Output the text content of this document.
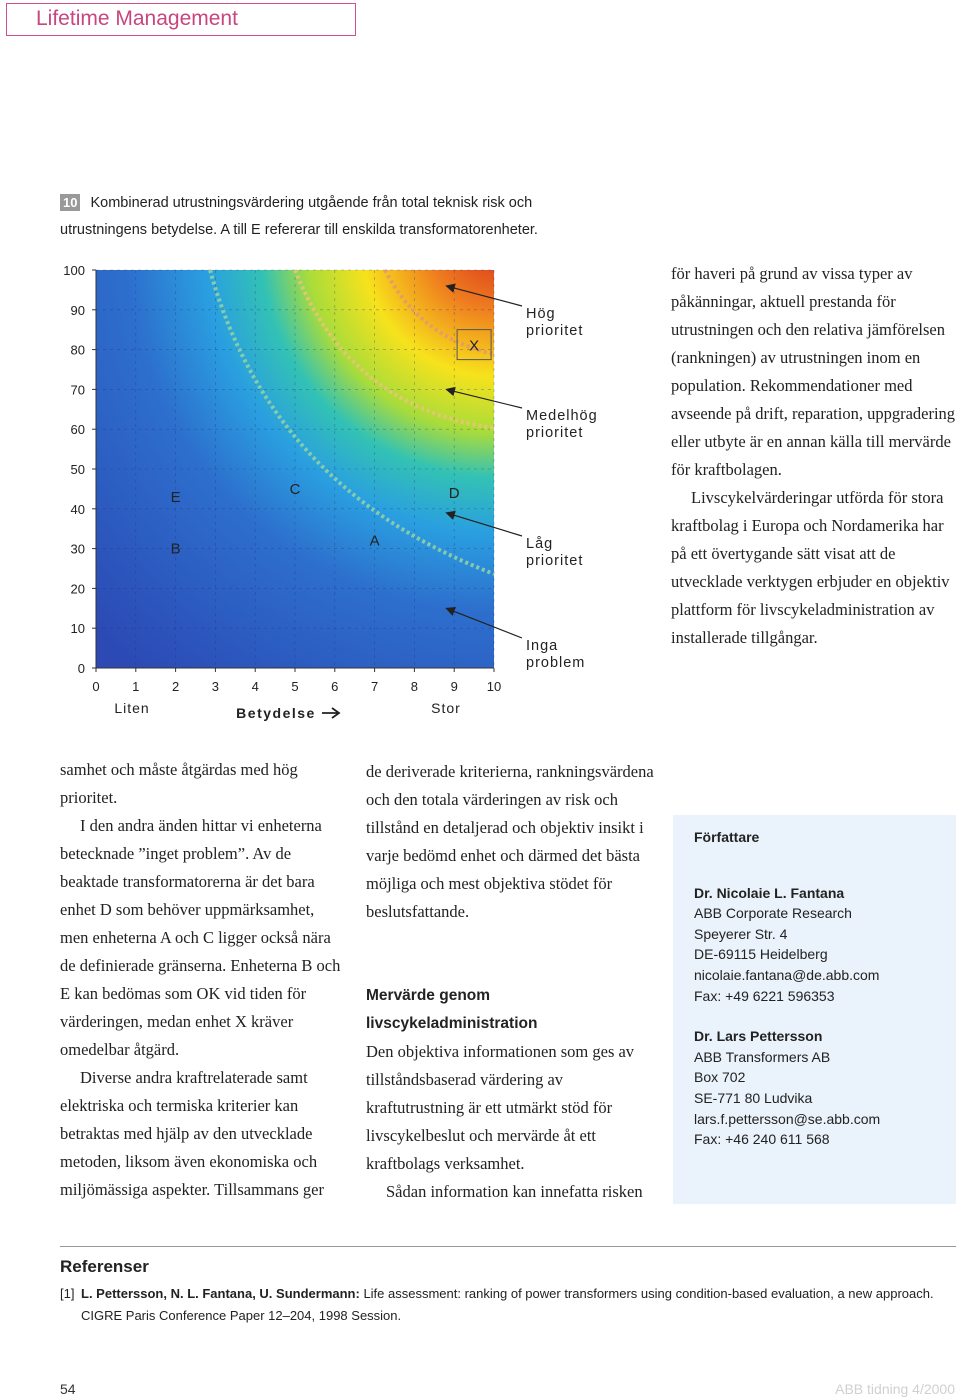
Lifetime Management
10 Kombinerad utrustningsvärdering utgående från total teknisk risk och
utrustningens betydelse. A till E refererar till enskilda transformatorenheter.
0	1	2	3	4	5	6	7	8	9 10
0
10
20
30
40
50
60
70
80
90
100
E
B
C
A
D
X
Hög
prioritet
Medelhög
prioritet
Låg
prioritet
Inga
problem
Liten	Betydelse	Stor

för haveri på grund av vissa typer av påkänningar, aktuell prestanda för utrustningen och den relativa jämförelsen (rankningen) av utrustningen inom en population. Rekommendationer med avseende på drift, reparation, uppgradering eller utbyte är en annan källa till mervärde för kraftbolagen.

Livscykelvärderingar utförda för stora kraftbolag i Europa och Nordamerika har på ett övertygande sätt visat att de utvecklade verktygen erbjuder en objektiv plattform för livscykeladministration av installerade tillgångar.

samhet och måste åtgärdas med hög prioritet.

I den andra änden hittar vi enheterna betecknade ”inget problem”. Av de beaktade transformatorerna är det bara enhet D som behöver uppmärksamhet, men enheterna A och C ligger också nära de definierade gränserna. Enheterna B och E kan bedömas som OK vid tiden för värderingen, medan enhet X kräver omedelbar åtgärd.

Diverse andra kraftrelaterade samt elektriska och termiska kriterier kan betraktas med hjälp av den utvecklade metoden, liksom även ekonomiska och miljömässiga aspekter. Tillsammans ger

de deriverade kriterierna, rankningsvärdena och den totala värderingen av risk och tillstånd en detaljerad och objektiv insikt i varje bedömd enhet och därmed det bästa möjliga och mest objektiva stödet för beslutsfattande.

Mervärde genom livscykeladministration

Den objektiva informationen som ges av tillståndsbaserad värdering av kraftutrustning är ett utmärkt stöd för livscykelbeslut och mervärde åt ett kraftbolags verksamhet.

Sådan information kan innefatta risken

Författare
Dr. Nicolaie L. Fantana
ABB Corporate Research
Speyerer Str. 4
DE-69115 Heidelberg
nicolaie.fantana@de.abb.com
Fax: +49 6221 596353
Dr. Lars Pettersson
ABB Transformers AB
Box 702
SE-771 80 Ludvika
lars.f.pettersson@se.abb.com
Fax: +46 240 611 568
Referenser
[1] L. Pettersson, N. L. Fantana, U. Sundermann: Life assessment: ranking of power transformers using condition-based evaluation, a new approach.
CIGRE Paris Conference Paper 12–204, 1998 Session.
54	ABB tidning 4/2000
